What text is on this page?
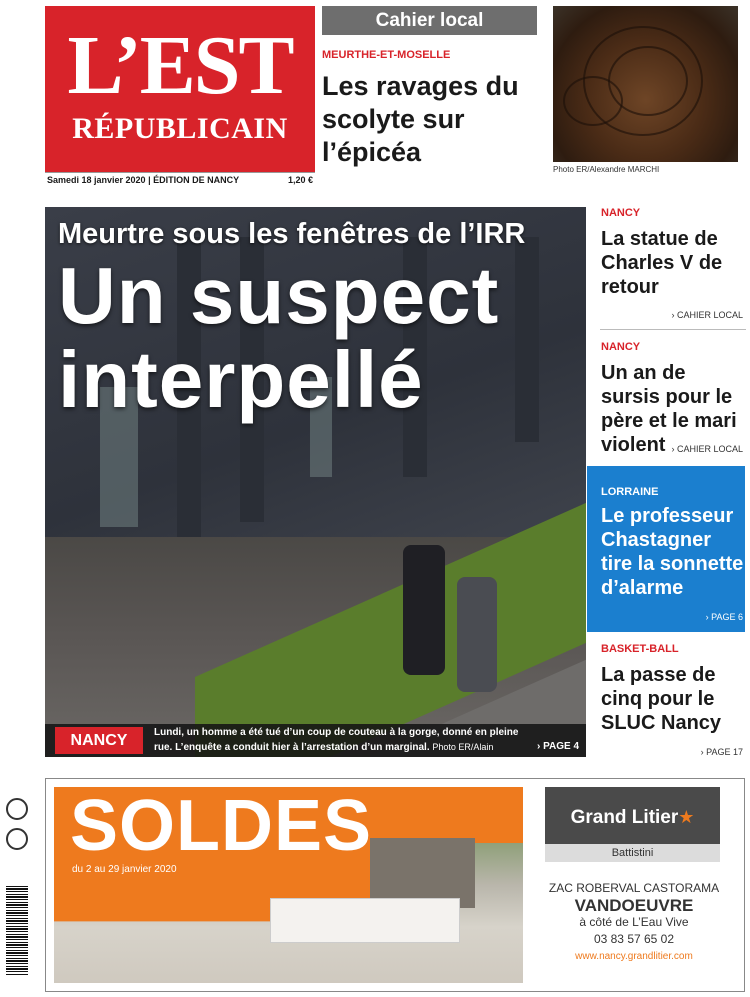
L’EST
RÉPUBLICAIN
Samedi 18 janvier 2020 | ÉDITION DE NANCY	1,20 €
Cahier local
MEURTHE-ET-MOSELLE
Les ravages du scolyte sur l’épicéa
Photo ER/Alexandre MARCHI
Meurtre sous les fenêtres de l’IRR
Un suspect interpellé
NANCY	Lundi, un homme a été tué d’un coup de couteau à la gorge, donné en pleine rue. L’enquête a conduit hier à l’arrestation d’un marginal. Photo ER/Alain THIESSE
› PAGE 4
NANCY
La statue de Charles V de retour
› CAHIER LOCAL
NANCY
Un an de sursis pour le père et le mari violent › CAHIER LOCAL
LORRAINE
Le professeur Chastagner tire la sonnette d’alarme
› PAGE 6
BASKET-BALL
La passe de cinq pour le SLUC Nancy
› PAGE 17
SOLDES
du 2 au 29 janvier 2020
Grand Litier★
Battistini
ZAC ROBERVAL CASTORAMA
VANDOEUVRE
à côté de L’Eau Vive
03 83 57 65 02
www.nancy.grandlitier.com
